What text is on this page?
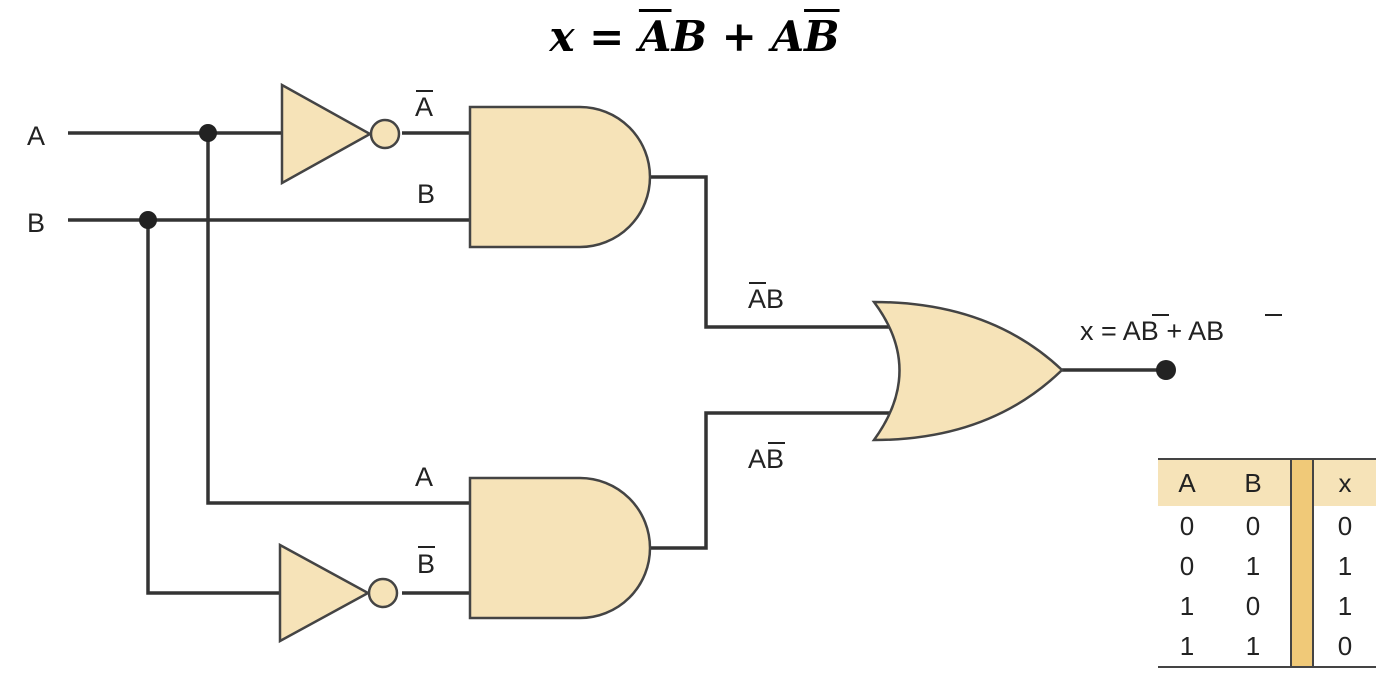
$x = \overline{A}B + A\overline{B}$
A
B
A
B
A
B
AB
AB
x = AB + AB
A	B		x
0	0		0
0	1		1
1	0		1
1	1		0
